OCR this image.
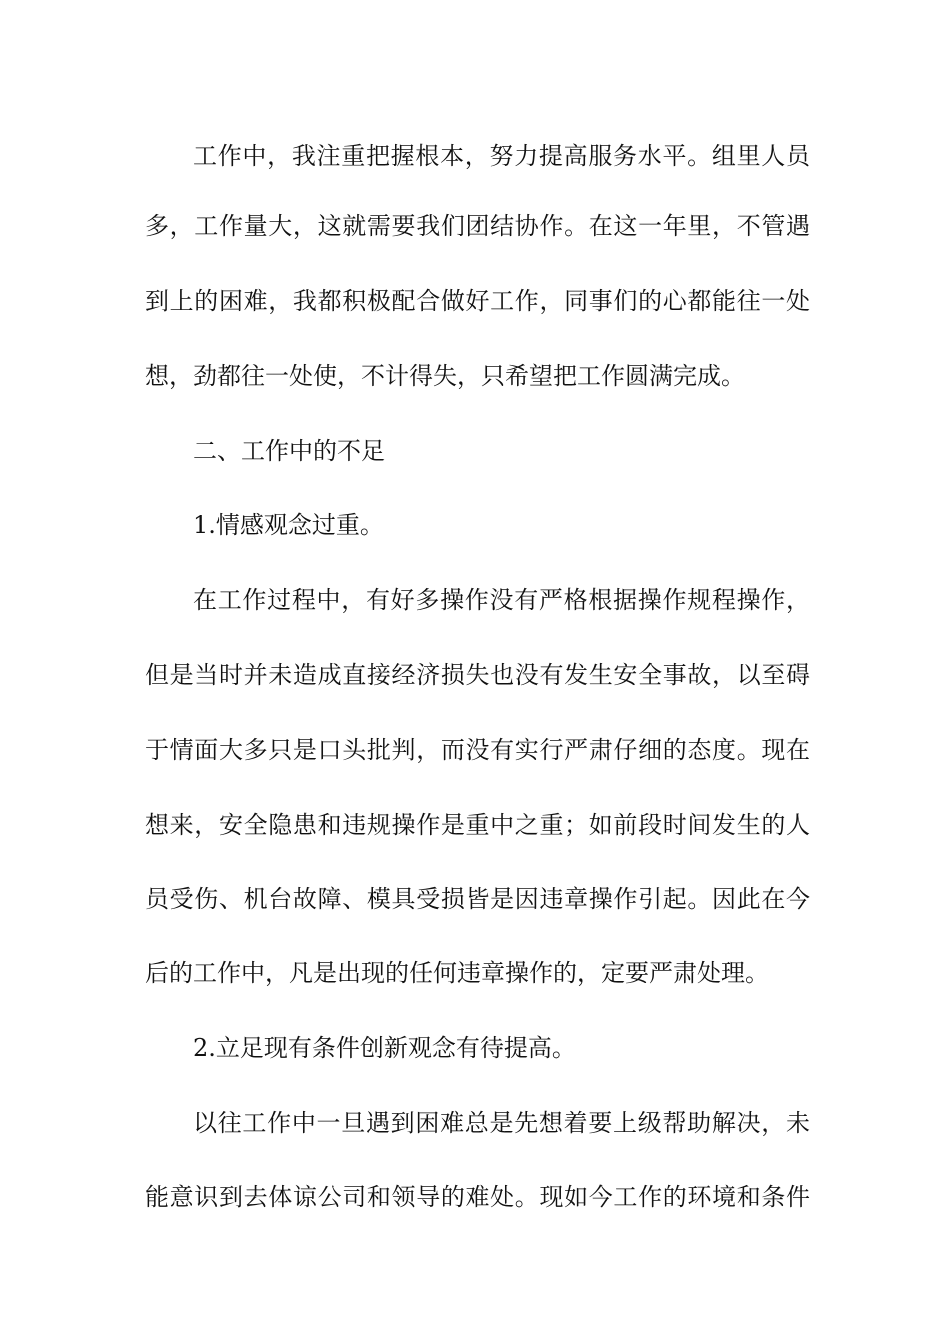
工作中，我注重把握根本，努力提高服务水平。组里人员
多，工作量大，这就需要我们团结协作。在这一年里，不管遇
到上的困难，我都积极配合做好工作，同事们的心都能往一处
想，劲都往一处使，不计得失，只希望把工作圆满完成。
二、工作中的不足
1.情感观念过重。
在工作过程中，有好多操作没有严格根据操作规程操作，
但是当时并未造成直接经济损失也没有发生安全事故，以至碍
于情面大多只是口头批判，而没有实行严肃仔细的态度。现在
想来，安全隐患和违规操作是重中之重；如前段时间发生的人
员受伤、机台故障、模具受损皆是因违章操作引起。因此在今
后的工作中，凡是出现的任何违章操作的，定要严肃处理。
2.立足现有条件创新观念有待提高。
以往工作中一旦遇到困难总是先想着要上级帮助解决，未
能意识到去体谅公司和领导的难处。现如今工作的环境和条件
